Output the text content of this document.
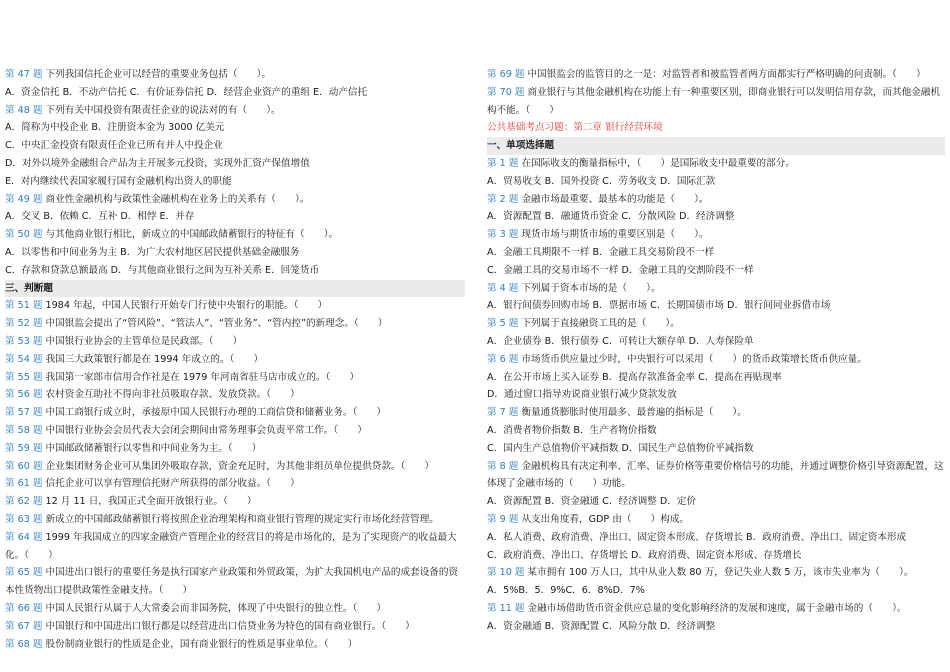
第 47 题 下列我国信托企业可以经营的重要业务包括（　　）。
A．资金信托 B．不动产信托 C．有价证券信托 D．经营企业资产的重组 E．动产信托
第 48 题 下列有关中国投资有限责任企业的说法对的有（　　）。
A．简称为中投企业 B．注册资本金为 3000 亿美元
C．中央汇金投资有限责任企业已所有并人中投企业
D．对外以境外金融组合产品为主开展多元投资，实现外汇资产保值增值
E．对内继续代表国家履行国有金融机构出资人的职能
第 49 题 商业性金融机构与政策性金融机构在业务上的关系有（　　）。
A．交叉 B．依赖 C．互补 D．相悖 E．并存
第 50 题 与其他商业银行相比，新成立的中国邮政储蓄银行的特征有（　　）。
A．以零售和中间业务为主 B．为广大农村地区居民提供基础金融服务
C．存款和贷款总额最高 D．与其他商业银行之间为互补关系 E．回笼货币
三、判断题
第 51 题 1984 年起，中国人民银行开始专门行使中央银行的职能。（　　）
第 52 题 中国银监会提出了“管风险”、“管法人”、“管业务”、“管内控”的新理念。（　　）
第 53 题 中国银行业协会的主管单位是民政部。（　　）
第 54 题 我国三大政策银行都是在 1994 年成立的。（　　）
第 55 题 我国第一家郎市信用合作社是在 1979 年河南省驻马店市成立的。（　　）
第 56 题 农村资金互助社不得向非社员吸取存款、发放贷款。（　　）
第 57 题 中国工商银行成立时，承接原中国人民银行办理的工商信贷和储蓄业务。（　　）
第 58 题 中国银行业协会会员代表大会闭会期间由常务理事会负责平常工作。（　　）
第 59 题 中国邮政储蓄银行以零售和中间业务为主。（　　）
第 60 题 企业集团财务企业可从集团外吸取存款，资金充足时，为其他非组员单位提供贷款。（　　）
第 61 题 信托企业可以享有管理信托财产所获得的部分收益。（　　）
第 62 题 12 月 11 日，我国正式全面开放银行业。（　　）
第 63 题 新成立的中国邮政储蓄银行将按照企业治理架构和商业银行管理的规定实行市场化经营管理。
第 64 题 1999 年我国成立的四家金融资产管理企业的经营目的将是市场化的，是为了实现资产的收益最大化。（　　）
第 65 题 中国进出口银行的重要任务是执行国家产业政策和外贸政策，为扩大我国机电产品的成套设备的资本性货物出口提供政策性金融支持。（　　）
第 66 题 中国人民银行从属于人大常委会而非国务院，体现了中央银行的独立性。（　　）
第 67 题 中国银行和中国进出口银行都是以经营进出口信贷业务为特色的国有商业银行。（　　）
第 68 题 股份制商业银行的性质是企业，国有商业银行的性质是事业单位。（　　）
第 69 题 中国银监会的监管目的之一是：对监管者和被监管者两方面都实行严格明确的问责制。（　　）
第 70 题 商业银行与其他金融机构在功能上有一种重要区别，即商业银行可以发明信用存款，而其他金融机构不能。（　　）
公共基础考点习题：第二章 银行经营环境
一、单项选择题
第 1 题 在国际收支的衡量指标中，（　　）是国际收支中最重要的部分。
A．贸易收支 B．国外投资 C．劳务收支 D．国际汇款
第 2 题 金融市场最重要、最基本的功能是（　　）。
A．资源配置 B．融通货币资金 C．分散风险 D．经济调整
第 3 题 现货市场与期货市场的重要区别是（　　）。
A．金融工具期限不一样 B．金融工具交易阶段不一样
C．金融工具的交易市场不一样 D．金融工具的交割阶段不一样
第 4 题 下列属于资本市场的是（　　）。
A．银行间债券回购市场 B．票据市场 C．长期国债市场 D．银行间同业拆借市场
第 5 题 下列属于直接融资工具的是（　　）。
A．企业债券 B．银行债券 C．可转让大额存单 D．人寿保险单
第 6 题 市场货币供应量过少时，中央银行可以采用（　　）的货币政策增长货币供应量。
A．在公开市场上买入证券 B．提高存款准备金率 C．提高在再贴现率
D．通过窗口指导劝说商业银行减少贷款发放
第 7 题 衡量通货膨胀时使用最多、最普遍的指标是（　　）。
A．消费者物价指数 B．生产者物价指数
C．国内生产总值物价平减指数 D．国民生产总值物价平减指数
第 8 题 金融机构具有决定利率、汇率、证券价格等重要价格信号的功能，并通过调整价格引导资源配置，这体现了金融市场的（　　）功能。
A．资源配置 B．资金融通 C．经济调整 D．定价
第 9 题 从支出角度看，GDP 由（　　）构成。
A．私人消费、政府消费、净出口、固定资本形成、存货增长 B．政府消费、净出口、固定资本形成
C．政府消费、净出口、存货增长 D．政府消费、固定资本形成、存货增长
第 10 题 某市拥有 100 万人口，其中从业人数 80 万，登记失业人数 5 万，该市失业率为（　　）。
A．5%B．5．9%C．6．8%D．7%
第 11 题 金融市场借助货币资金供应总量的变化影响经济的发展和速度，属于金融市场的（　　）。
A．资金融通 B．资源配置 C．风险分散 D．经济调整
